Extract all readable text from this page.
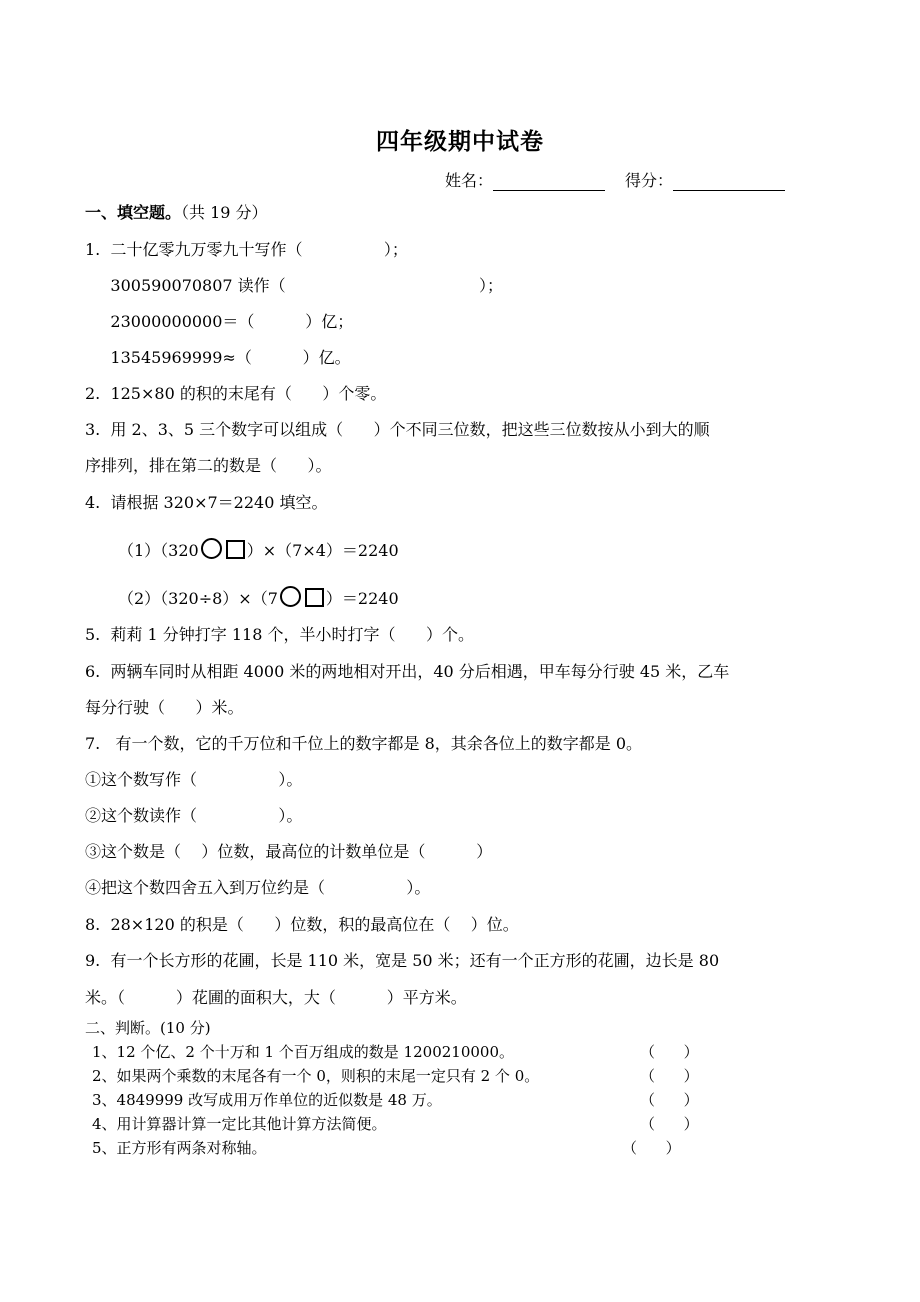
四年级期中试卷
姓名：	得分：
一、填空题。（共 19 分）
1.  二十亿零九万零九十写作（                ）；
300590070807 读作（                                      ）；
23000000000＝（          ）亿；
13545969999≈（          ）亿。
2.  125×80 的积的末尾有（      ）个零。
3.  用 2、3、5 三个数字可以组成（      ）个不同三位数，把这些三位数按从小到大的顺
序排列，排在第二的数是（      ）。
4.  请根据 320×7＝2240 填空。
（1）（320	）×（7×4）＝2240
（2）（320÷8）×（7	）＝2240
5.  莉莉 1 分钟打字 118 个，半小时打字（      ）个。
6.  两辆车同时从相距 4000 米的两地相对开出，40 分后相遇，甲车每分行驶 45 米，乙车
每分行驶（      ）米。
7.   有一个数，它的千万位和千位上的数字都是 8，其余各位上的数字都是 0。
①这个数写作（                ）。
②这个数读作（                ）。
③这个数是（    ）位数，最高位的计数单位是（          ）
④把这个数四舍五入到万位约是（                ）。
8.  28×120 的积是（      ）位数，积的最高位在（    ）位。
9.  有一个长方形的花圃，长是 110 米，宽是 50 米；还有一个正方形的花圃，边长是 80
米。（          ）花圃的面积大，大（          ）平方米。
二、判断。(10 分)
1、12 个亿、2 个十万和 1 个百万组成的数是 1200210000。	（      ）
2、如果两个乘数的末尾各有一个 0，则积的末尾一定只有 2 个 0。	（      ）
3、4849999 改写成用万作单位的近似数是 48 万。	（      ）
4、用计算器计算一定比其他计算方法简便。	（      ）
5、正方形有两条对称轴。	（      ）
